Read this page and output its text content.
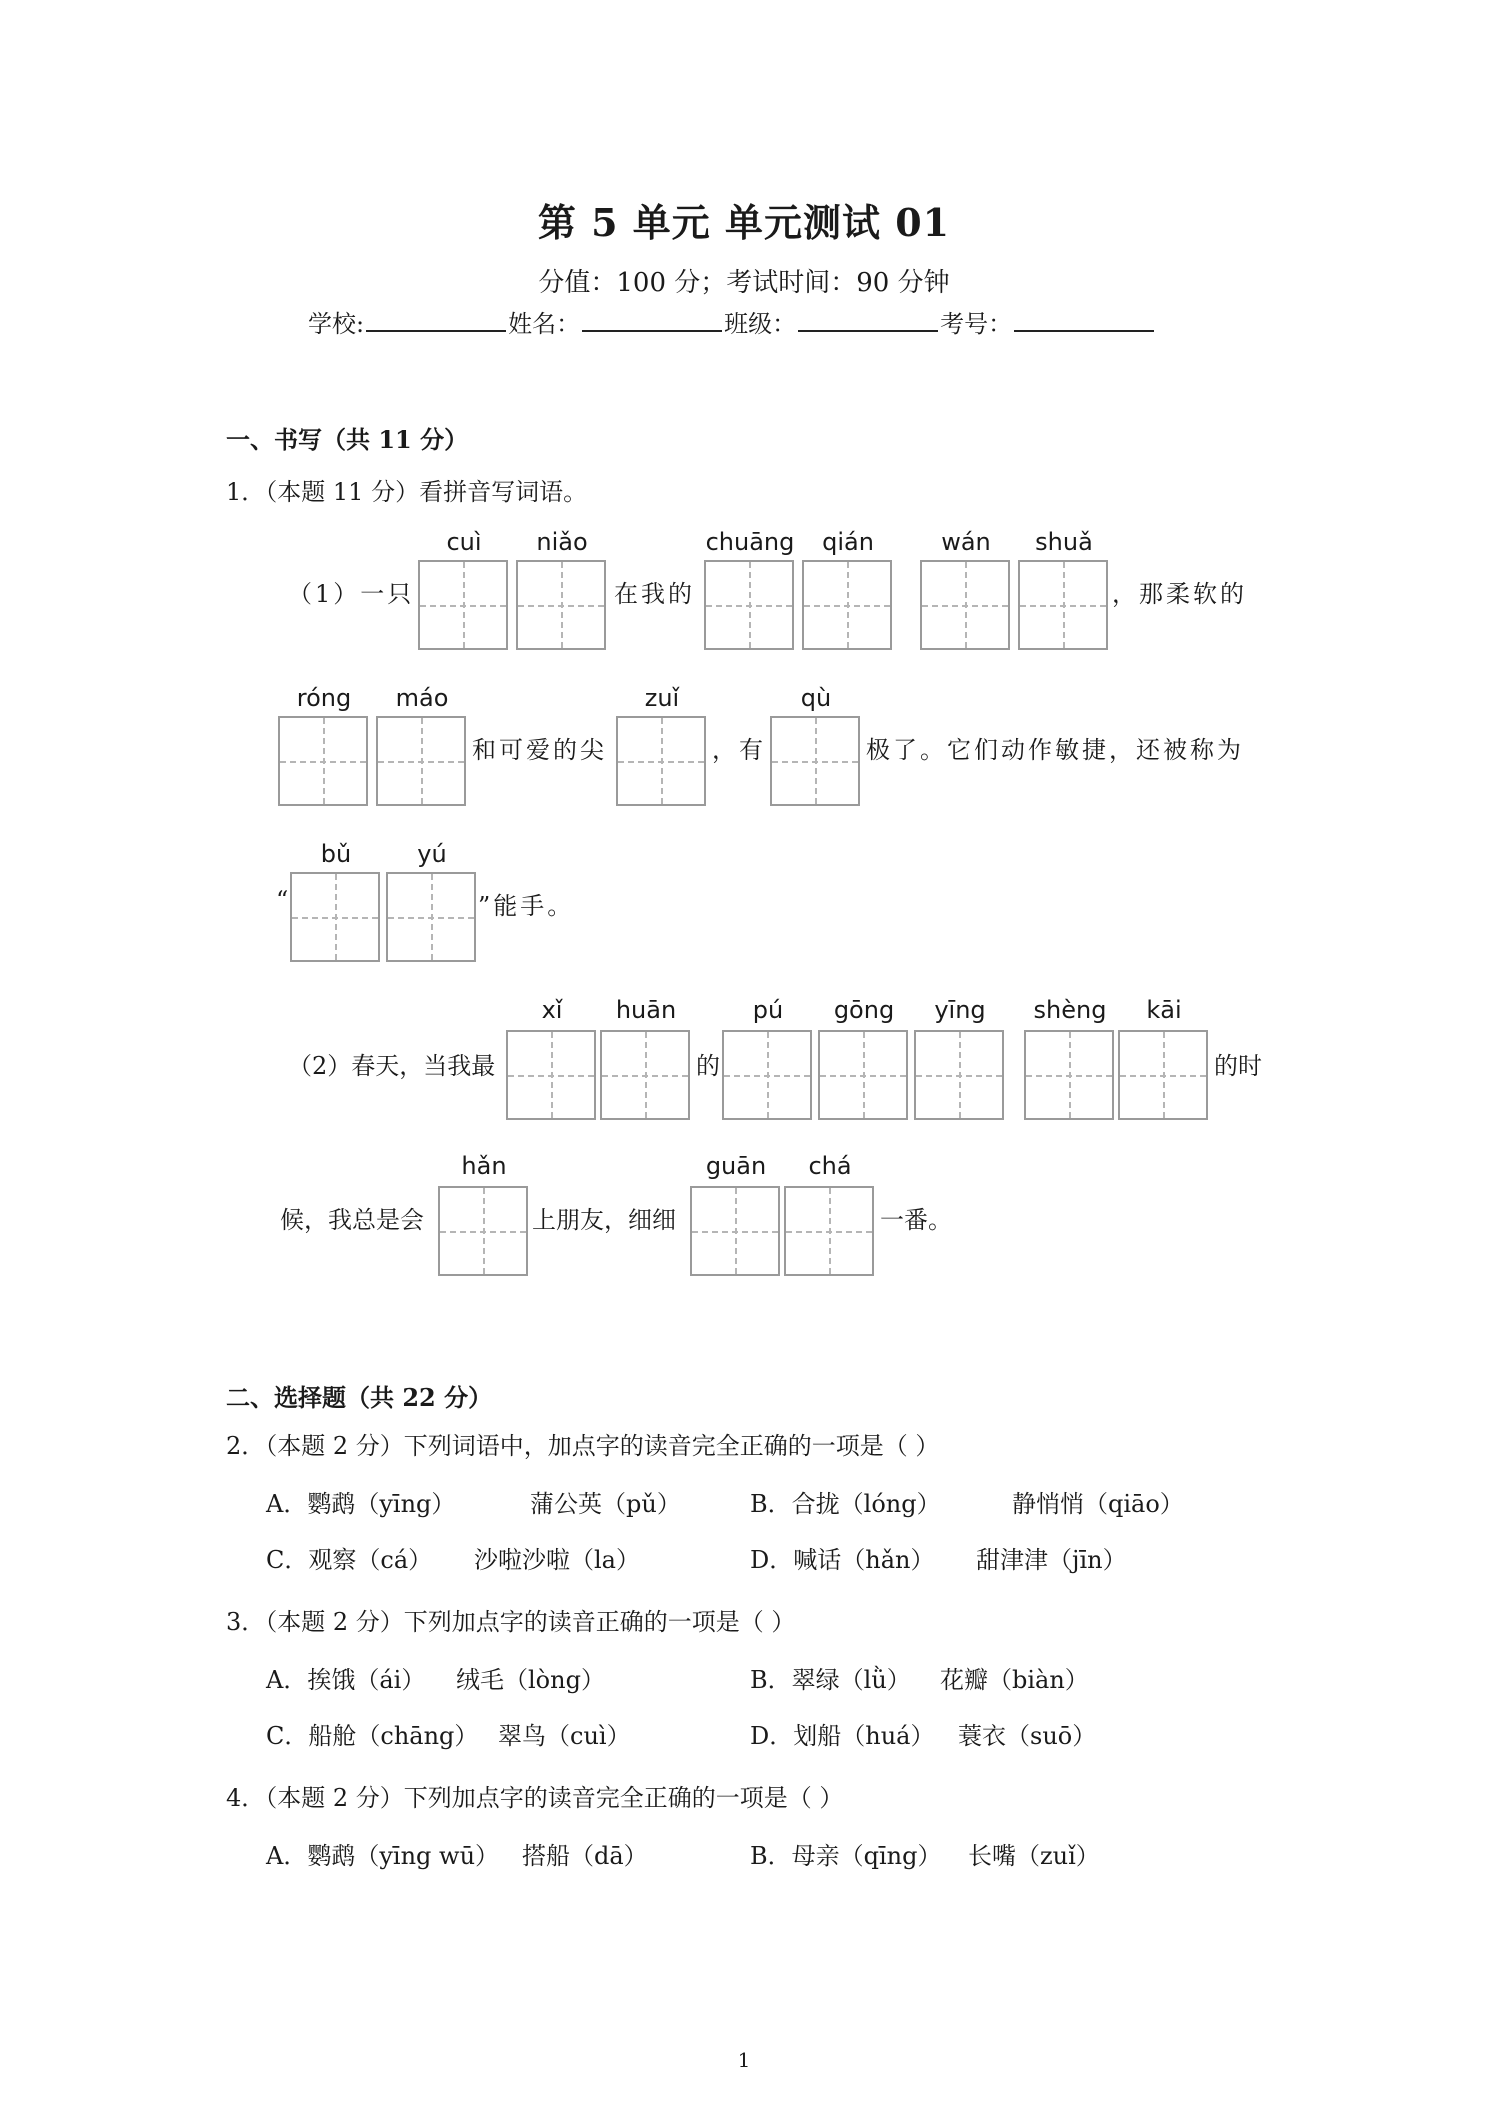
第 5 单元 单元测试 01
分值：100 分；考试时间：90 分钟
学校:	姓名：	班级：	考号：
一、书写（共 11 分）
1．（本题 11 分）看拼音写词语。
cuì	niǎo	chuāng	qián	wán	shuǎ
（1）一只	在我的	，那柔软的
róng	máo	zuǐ	qù
和可爱的尖	，有	极了。它们动作敏捷，还被称为
bǔ	yú
“	”能手。
xǐ	huān	pú	gōng	yīng	shèng	kāi
（2）春天，当我最	的	的时
hǎn	guān	chá
候，我总是会	上朋友，细细	一番。
二、选择题（共 22 分）
2．（本题 2 分）下列词语中，加点字的读音完全正确的一项是（ ）
A．鹦鹉（yīng）	蒲公英（pǔ）	B．合拢（lóng）	静悄悄（qiāo）
C．观察（cá） 沙啦沙啦（la）	D．喊话（hǎn） 甜津津（jīn）
3．（本题 2 分）下列加点字的读音正确的一项是（ ）
A．挨饿（ái） 绒毛（lòng）	B．翠绿（lǜ） 花瓣（biàn）
C．船舱（chāng） 翠鸟（cuì）	D．划船（huá） 蓑衣（suō）
4．（本题 2 分）下列加点字的读音完全正确的一项是（ ）
A．鹦鹉（yīng wū） 搭船（dā）	B．母亲（qīng） 长嘴（zuǐ）
1
